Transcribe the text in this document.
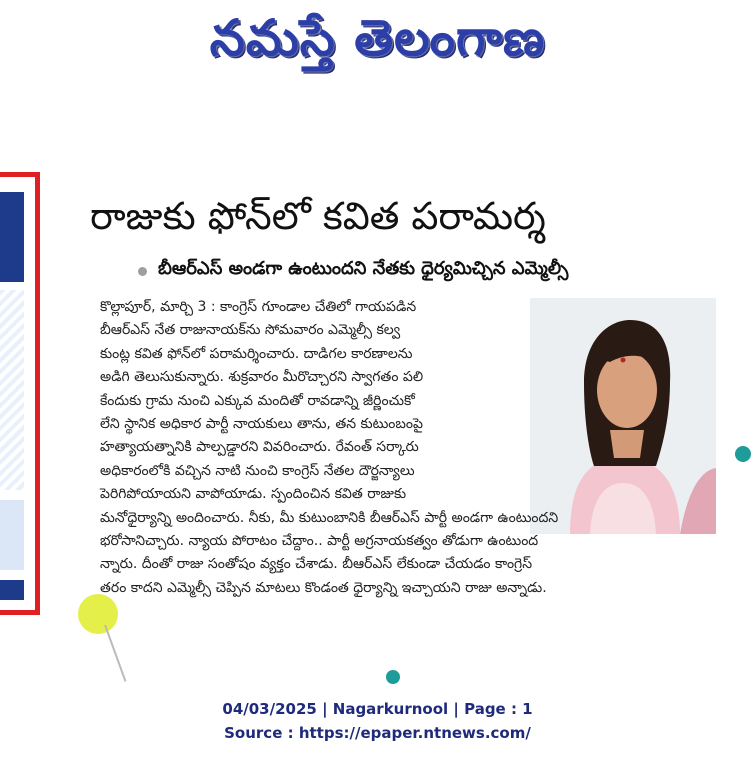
నమస్తే తెలంగాణ
రాజుకు ఫోన్‌లో కవిత పరామర్శ
బీఆర్‌ఎస్ అండగా ఉంటుందని నేతకు ధైర్యమిచ్చిన ఎమ్మెల్సీ
కొల్లాపూర్, మార్చి 3 : కాంగ్రెస్ గూండాల చేతిలో గాయపడిన
బీఆర్‌ఎస్ నేత రాజునాయక్‌ను సోమవారం ఎమ్మెల్సీ కల్వ
కుంట్ల కవిత ఫోన్‌లో పరామర్శించారు. దాడిగల కారణాలను
అడిగి తెలుసుకున్నారు. శుక్రవారం మీరొచ్చారని స్వాగతం పలి
కేందుకు గ్రామ నుంచి ఎక్కువ మందితో రావడాన్ని జీర్ణించుకో
లేని స్థానిక అధికార పార్టీ నాయకులు తాను, తన కుటుంబంపై
హత్యాయత్నానికి పాల్పడ్డారని వివరించారు. రేవంత్ సర్కారు
అధికారంలోకి వచ్చిన నాటి నుంచి కాంగ్రెస్ నేతల దౌర్జన్యాలు
పెరిగిపోయాయని వాపోయాడు. స్పందించిన కవిత రాజుకు
మనోధైర్యాన్ని అందించారు. నీకు, మీ కుటుంబానికి బీఆర్‌ఎస్ పార్టీ అండగా ఉంటుందని
భరోసానిచ్చారు. న్యాయ పోరాటం చేద్దాం.. పార్టీ అగ్రనాయకత్వం తోడుగా ఉంటుంద
న్నారు. దీంతో రాజు సంతోషం వ్యక్తం చేశాడు. బీఆర్‌ఎస్ లేకుండా చేయడం కాంగ్రెస్
తరం కాదని ఎమ్మెల్సీ చెప్పిన మాటలు కొండంత ధైర్యాన్ని ఇచ్చాయని రాజు అన్నాడు.
04/03/2025 | Nagarkurnool | Page : 1
Source : https://epaper.ntnews.com/
